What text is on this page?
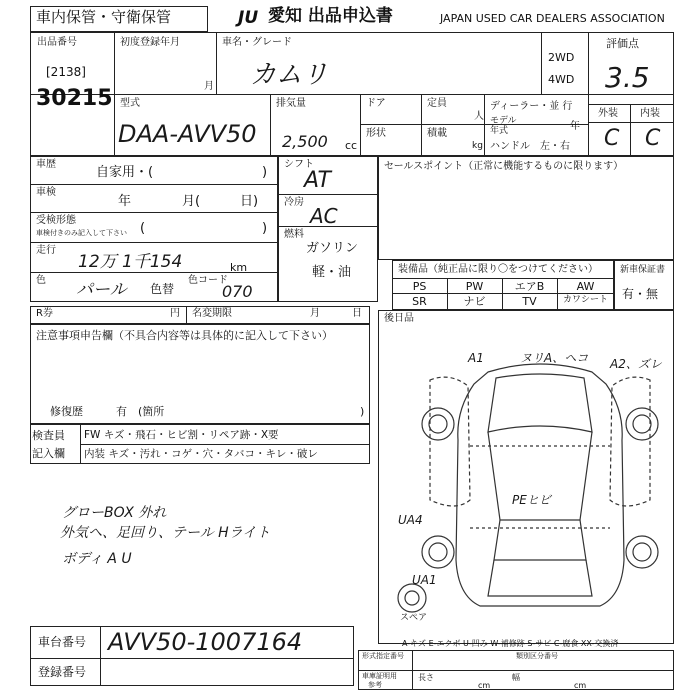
車内保管・守衛保管	JU 愛知 出品申込書	JAPAN USED CAR DEALERS ASSOCIATION
出品番号
[2138]
30215
初度登録年月
月
車名・グレード
カムリ
2WD
4WD
評価点
3.5
外装 内装
C C
型式
DAA-AVV50
排気量
2,500 cc
ドア	定員
人
ディーラー・並 行
モデル
年式	年
形状	積載
kg ハンドル 左・右
車歴
自家用・(	)
車検
年	月(	日)
受検形態
車検付きのみ記入して下さい (	)
走行
12万 1千154	km
色 パール 色替
色コード
070
シフト
AT
冷房
AC
燃料
ガソリン
軽・油
セールスポイント（正常に機能するものに限ります）
装備品（純正品に限り〇をつけてください）
PS	PW	エアB	AW
SR	ナビ	TV	カワシート
新車保証書
有・無
R券	円 名変期限	月	日
注意事項申告欄（不具合内容等は具体的に記入して下さい）
修復歴	有 (箇所	)
検査員
記入欄
FW キズ・飛石・ヒビ割・リペア跡・X要
内装 キズ・汚れ・コゲ・穴・タバコ・キレ・破レ
後日品
A1	ヌリA、ヘコ A2、ズレ
PEヒビ
UA4
UA1
スペア
A-キズ E-エクボ U-凹み W-補修跡 S-サビ C-腐食 XX-交換済
グローBOX 外れ
外気ヘ、足回り、テール Hライト
ボディ A U
車台番号 AVV50-1007164
登録番号
形式指定番号	類別区分番号
車庫証明用
参考
長さ
cm
幅
cm
